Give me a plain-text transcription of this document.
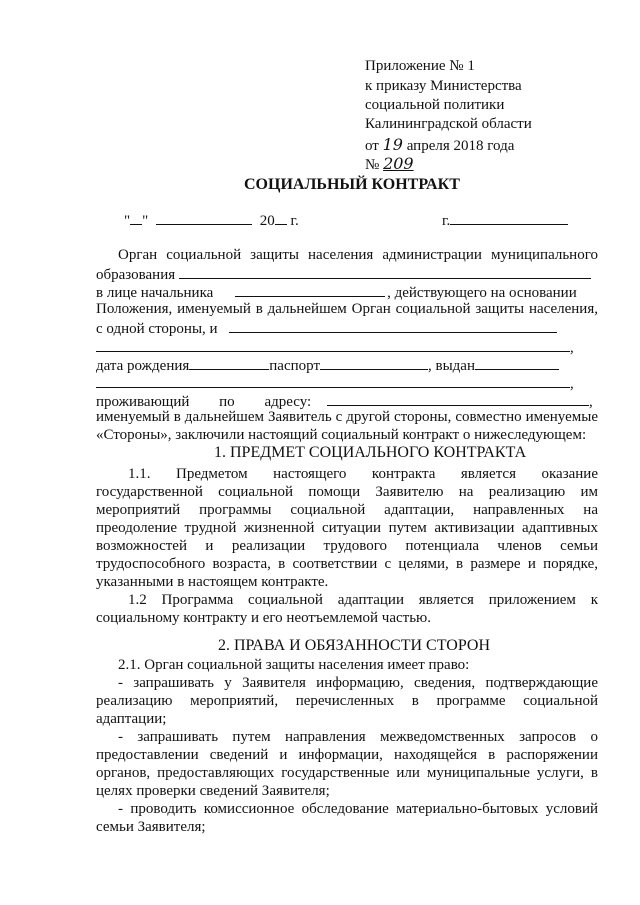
Приложение № 1
к приказу Министерства
социальной политики
Калининградской области
от 19 апреля 2018 года
№ 209
СОЦИАЛЬНЫЙ КОНТРАКТ
" "	20 г.	г.
Орган социальной защиты населения администрации муниципального
образования
в лице начальника	, действующего на основании
Положения, именуемый в дальнейшем Орган социальной защиты населения,
с одной стороны, и
,
дата рождения	паспорт	, выдан
,
проживающий по адресу:	,
именуемый в дальнейшем Заявитель с другой стороны, совместно именуемые
«Стороны», заключили настоящий социальный контракт о нижеследующем:
1. ПРЕДМЕТ СОЦИАЛЬНОГО КОНТРАКТА
1.1. Предметом настоящего контракта является оказание
государственной социальной помощи Заявителю на реализацию им
мероприятий программы социальной адаптации, направленных на
преодоление трудной жизненной ситуации путем активизации адаптивных
возможностей и реализации трудового потенциала членов семьи
трудоспособного возраста, в соответствии с целями, в размере и порядке,
указанными в настоящем контракте.
1.2 Программа социальной адаптации является приложением к
социальному контракту и его неотъемлемой частью.
2. ПРАВА И ОБЯЗАННОСТИ СТОРОН
2.1. Орган социальной защиты населения имеет право:
- запрашивать у Заявителя информацию, сведения, подтверждающие
реализацию мероприятий, перечисленных в программе социальной
адаптации;
- запрашивать путем направления межведомственных запросов о
предоставлении сведений и информации, находящейся в распоряжении
органов, предоставляющих государственные или муниципальные услуги, в
целях проверки сведений Заявителя;
- проводить комиссионное обследование материально-бытовых условий
семьи Заявителя;
